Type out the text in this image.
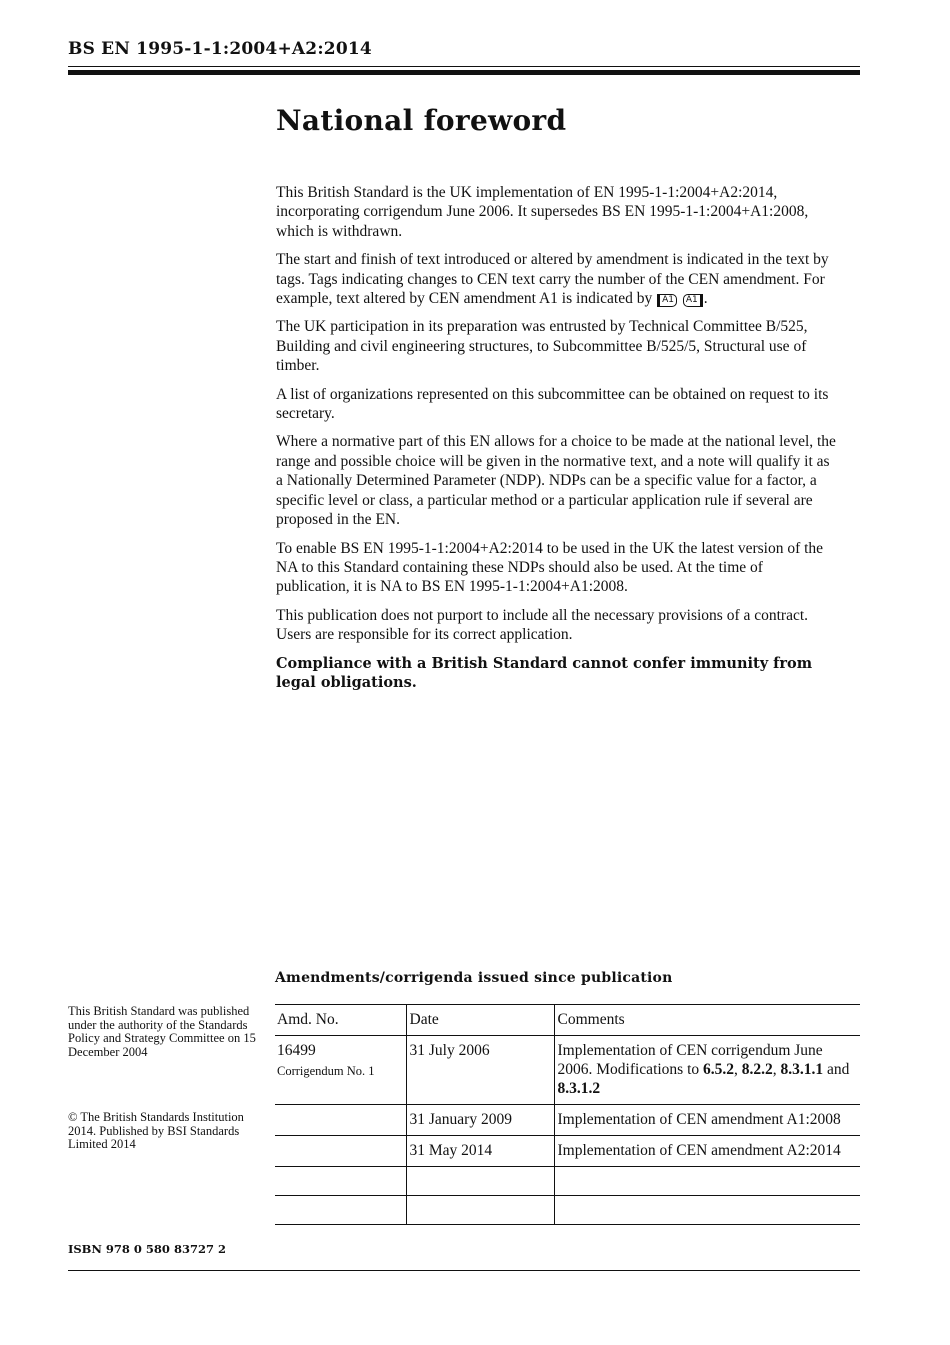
BS EN 1995-1-1:2004+A2:2014
National foreword

This British Standard is the UK implementation of EN 1995-1-1:2004+A2:2014, incorporating corrigendum June 2006. It supersedes BS EN 1995-1-1:2004+A1:2008, which is withdrawn.

The start and finish of text introduced or altered by amendment is indicated in the text by tags. Tags indicating changes to CEN text carry the number of the CEN amendment. For example, text altered by CEN amendment A1 is indicated by A1 A1 .

The UK participation in its preparation was entrusted by Technical Committee B/525, Building and civil engineering structures, to Subcommittee B/525/5, Structural use of timber.

A list of organizations represented on this subcommittee can be obtained on request to its secretary.

Where a normative part of this EN allows for a choice to be made at the national level, the range and possible choice will be given in the normative text, and a note will qualify it as a Nationally Determined Parameter (NDP). NDPs can be a specific value for a factor, a specific level or class, a particular method or a particular application rule if several are proposed in the EN.

To enable BS EN 1995-1-1:2004+A2:2014 to be used in the UK the latest version of the NA to this Standard containing these NDPs should also be used. At the time of publication, it is NA to BS EN 1995-1-1:2004+A1:2008.

This publication does not purport to include all the necessary provisions of a contract. Users are responsible for its correct application.

Compliance with a British Standard cannot confer immunity from legal obligations.

This British Standard was published under the authority of the Standards Policy and Strategy Committee on 15 December 2004
© The British Standards Institution 2014. Published by BSI Standards Limited 2014
ISBN 978 0 580 83727 2
Amendments/corrigenda issued since publication
Amd. No.	Date	Comments
16499
Corrigendum No. 1	31 July 2006	Implementation of CEN corrigendum June 2006. Modifications to 6.5.2, 8.2.2, 8.3.1.1 and 8.3.1.2
	31 January 2009	Implementation of CEN amendment A1:2008
	31 May 2014	Implementation of CEN amendment A2:2014
